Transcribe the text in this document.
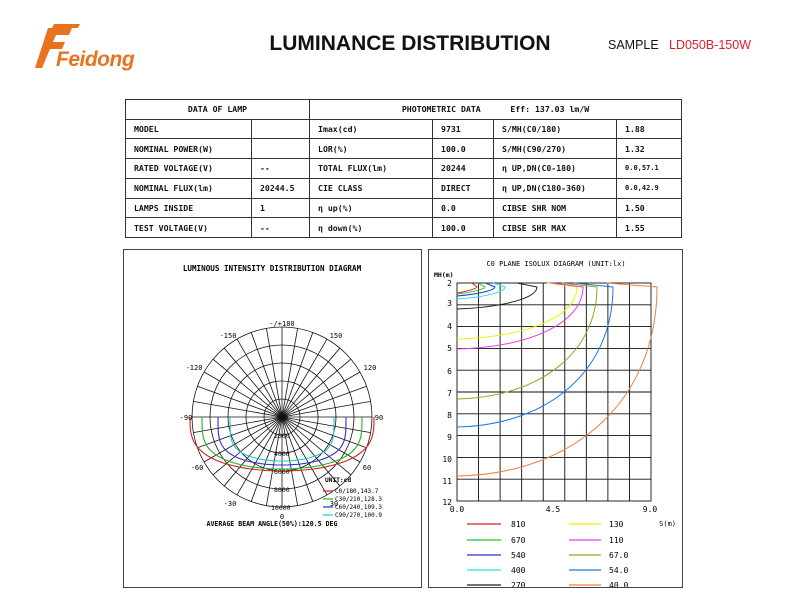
Feidong
LUMINANCE DISTRIBUTION	SAMPLE LD050B-150W
DATA OF LAMP		PHOTOMETRIC DATA Eff: 137.03 lm/W			
MODEL		Imax(cd)	9731	S/MH(C0/180)	1.88
NOMINAL POWER(W)		LOR(%)	100.0	S/MH(C90/270)	1.32
RATED VOLTAGE(V)	--	TOTAL FLUX(lm)	20244	η UP,DN(C0-180)	0.0,57.1
NOMINAL FLUX(lm)	20244.5	CIE CLASS	DIRECT	η UP,DN(C180-360)	0.0,42.9
LAMPS INSIDE	1	η up(%)	0.0	CIBSE SHR NOM	1.50
TEST VOLTAGE(V)	--	η down(%)	100.0	CIBSE SHR MAX	1.55
LUMINOUS INTENSITY DISTRIBUTION DIAGRAM
-/+180
-150	150
-120	120
-90	90
-60	60
-30	30
0
0
2000
4000
6000
8000
10000
UNIT:cd
C0/180,143.7
C30/210,128.3
C60/240,109.3
C90/270,100.9
AVERAGE BEAM ANGLE(50%):120.5 DEG
C0 PLANE ISOLUX DIAGRAM (UNIT:lx)
MH(m)
2
3
4
5
6
7
8
9
10
11
12
0.0	4.5	9.0
S(m)
810	130
670	110
540	67.0
400	54.0
270	40.0
